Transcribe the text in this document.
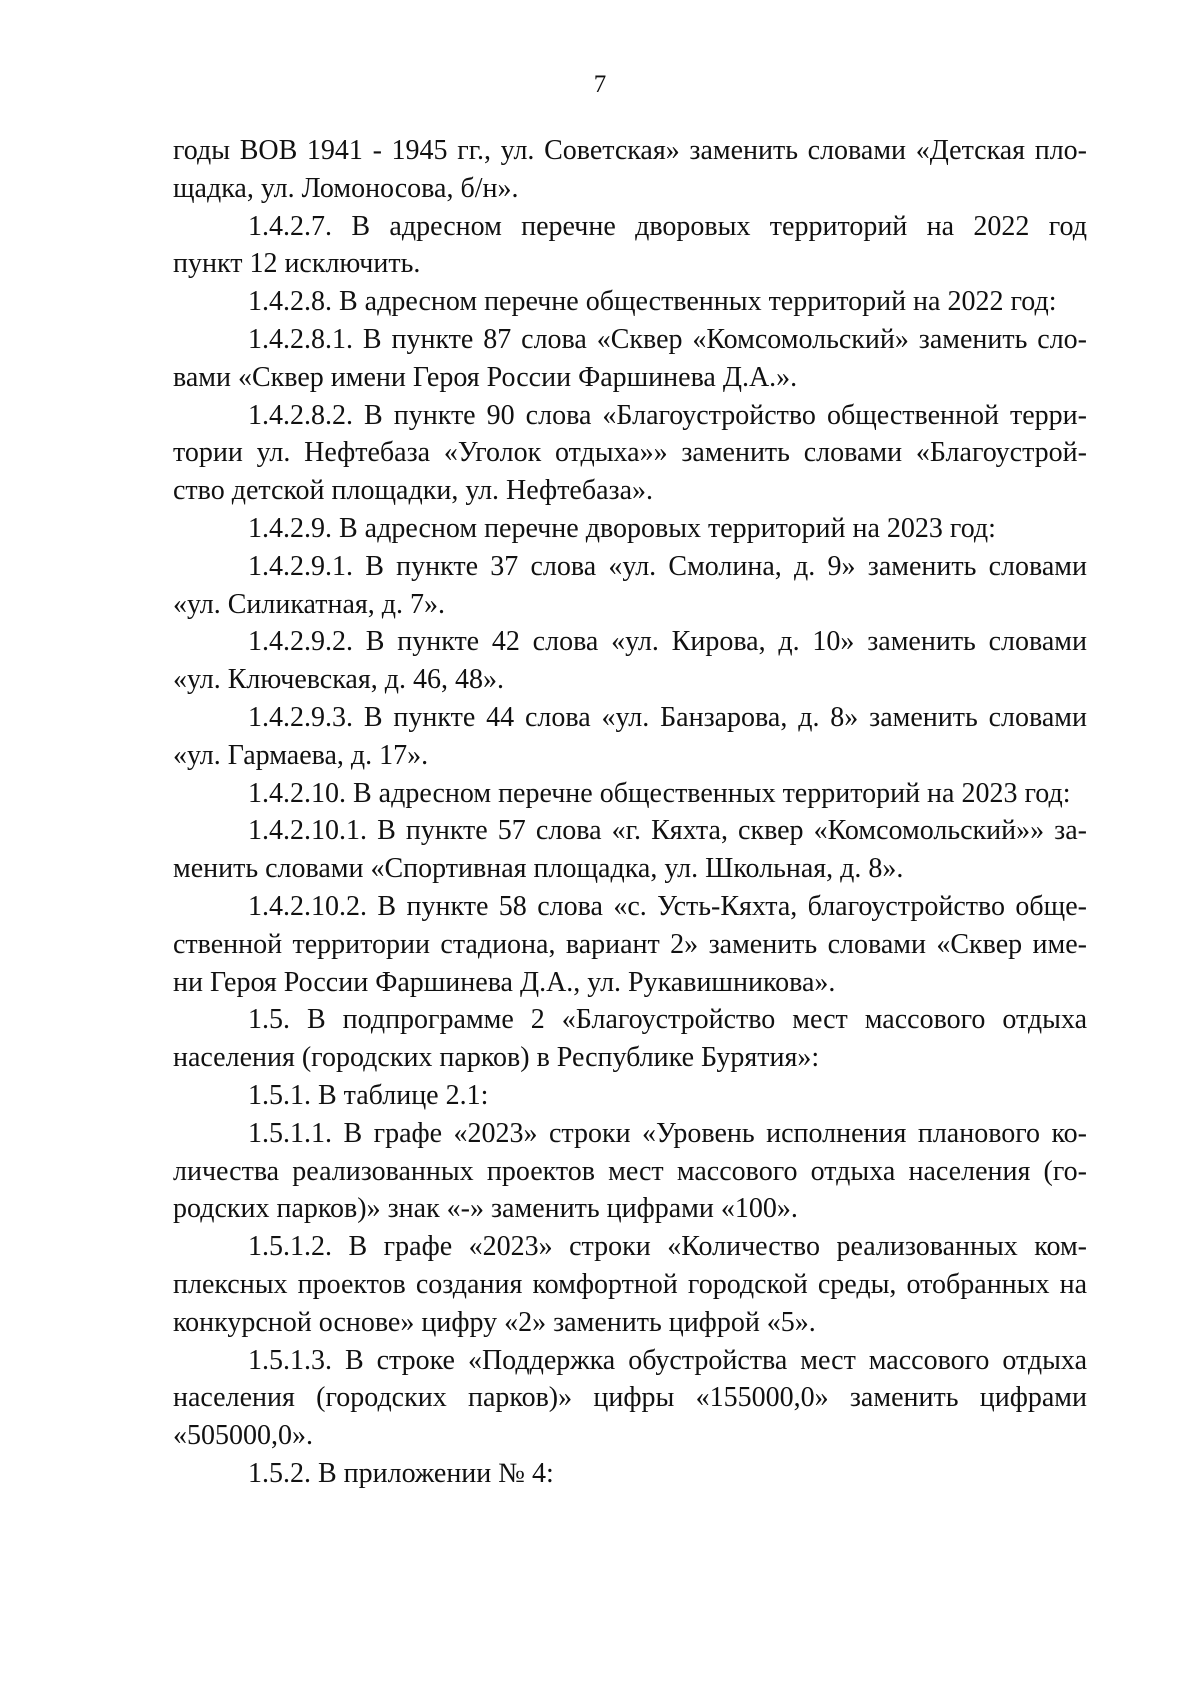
7

годы ВОВ 1941 - 1945 гг., ул. Советская» заменить словами «Детская пло-
щадка, ул. Ломоносова, б/н».

1.4.2.7. В адресном перечне дворовых территорий на 2022 год
пункт 12 исключить.

1.4.2.8. В адресном перечне общественных территорий на 2022 год:

1.4.2.8.1. В пункте 87 слова «Сквер «Комсомольский» заменить сло-
вами «Сквер имени Героя России Фаршинева Д.А.».

1.4.2.8.2. В пункте 90 слова «Благоустройство общественной терри-
тории ул. Нефтебаза «Уголок отдыха»» заменить словами «Благоустрой-
ство детской площадки, ул. Нефтебаза».

1.4.2.9. В адресном перечне дворовых территорий на 2023 год:

1.4.2.9.1. В пункте 37 слова «ул. Смолина, д. 9» заменить словами
«ул. Силикатная, д. 7».

1.4.2.9.2. В пункте 42 слова «ул. Кирова, д. 10» заменить словами
«ул. Ключевская, д. 46, 48».

1.4.2.9.3. В пункте 44 слова «ул. Банзарова, д. 8» заменить словами
«ул. Гармаева, д. 17».

1.4.2.10. В адресном перечне общественных территорий на 2023 год:

1.4.2.10.1. В пункте 57 слова «г. Кяхта, сквер «Комсомольский»» за-
менить словами «Спортивная площадка, ул. Школьная, д. 8».

1.4.2.10.2. В пункте 58 слова «с. Усть-Кяхта, благоустройство обще-
ственной территории стадиона, вариант 2» заменить словами «Сквер име-
ни Героя России Фаршинева Д.А., ул. Рукавишникова».

1.5. В подпрограмме 2 «Благоустройство мест массового отдыха
населения (городских парков) в Республике Бурятия»:

1.5.1. В таблице 2.1:

1.5.1.1. В графе «2023» строки «Уровень исполнения планового ко-
личества реализованных проектов мест массового отдыха населения (го-
родских парков)» знак «-» заменить цифрами «100».

1.5.1.2. В графе «2023» строки «Количество реализованных ком-
плексных проектов создания комфортной городской среды, отобранных на
конкурсной основе» цифру «2» заменить цифрой «5».

1.5.1.3. В строке «Поддержка обустройства мест массового отдыха
населения (городских парков)» цифры «155000,0» заменить цифрами
«505000,0».

1.5.2. В приложении № 4:
